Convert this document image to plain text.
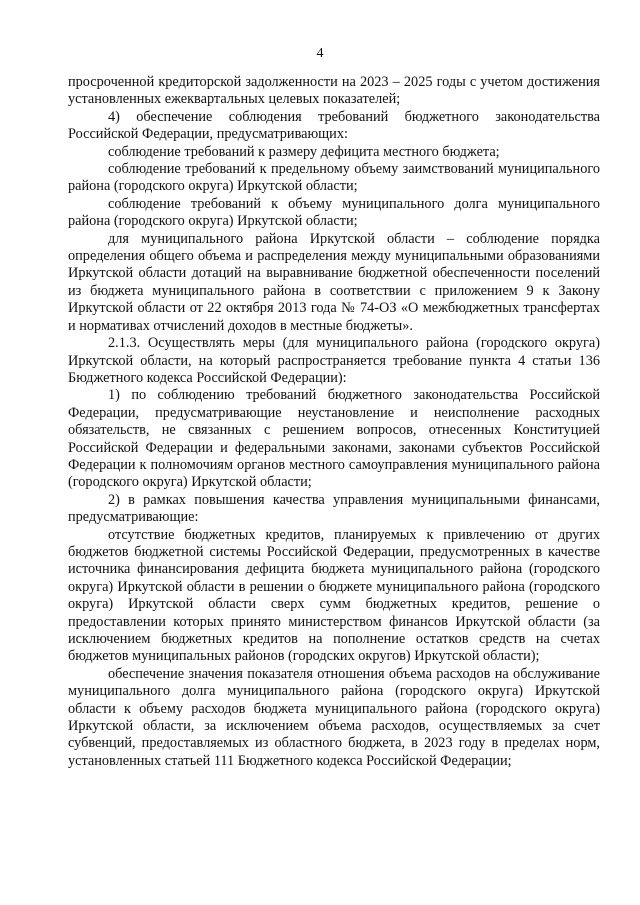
4

просроченной кредиторской задолженности на 2023 – 2025 годы с учетом достижения установленных ежеквартальных целевых показателей;

4) обеспечение соблюдения требований бюджетного законодательства Российской Федерации, предусматривающих:

соблюдение требований к размеру дефицита местного бюджета;

соблюдение требований к предельному объему заимствований муниципального района (городского округа) Иркутской области;

соблюдение требований к объему муниципального долга муниципального района (городского округа) Иркутской области;

для муниципального района Иркутской области – соблюдение порядка определения общего объема и распределения между муниципальными образованиями Иркутской области дотаций на выравнивание бюджетной обеспеченности поселений из бюджета муниципального района в соответствии с приложением 9 к Закону Иркутской области от 22 октября 2013 года № 74-ОЗ «О межбюджетных трансфертах и нормативах отчислений доходов в местные бюджеты».

2.1.3. Осуществлять меры (для муниципального района (городского округа) Иркутской области, на который распространяется требование пункта 4 статьи 136 Бюджетного кодекса Российской Федерации):

1) по соблюдению требований бюджетного законодательства Российской Федерации, предусматривающие неустановление и неисполнение расходных обязательств, не связанных с решением вопросов, отнесенных Конституцией Российской Федерации и федеральными законами, законами субъектов Российской Федерации к полномочиям органов местного самоуправления муниципального района (городского округа) Иркутской области;

2) в рамках повышения качества управления муниципальными финансами, предусматривающие:

отсутствие бюджетных кредитов, планируемых к привлечению от других бюджетов бюджетной системы Российской Федерации, предусмотренных в качестве источника финансирования дефицита бюджета муниципального района (городского округа) Иркутской области в решении о бюджете муниципального района (городского округа) Иркутской области сверх сумм бюджетных кредитов, решение о предоставлении которых принято министерством финансов Иркутской области (за исключением бюджетных кредитов на пополнение остатков средств на счетах бюджетов муниципальных районов (городских округов) Иркутской области);

обеспечение значения показателя отношения объема расходов на обслуживание муниципального долга муниципального района (городского округа) Иркутской области к объему расходов бюджета муниципального района (городского округа) Иркутской области, за исключением объема расходов, осуществляемых за счет субвенций, предоставляемых из областного бюджета, в 2023 году в пределах норм, установленных статьей 111 Бюджетного кодекса Российской Федерации;
